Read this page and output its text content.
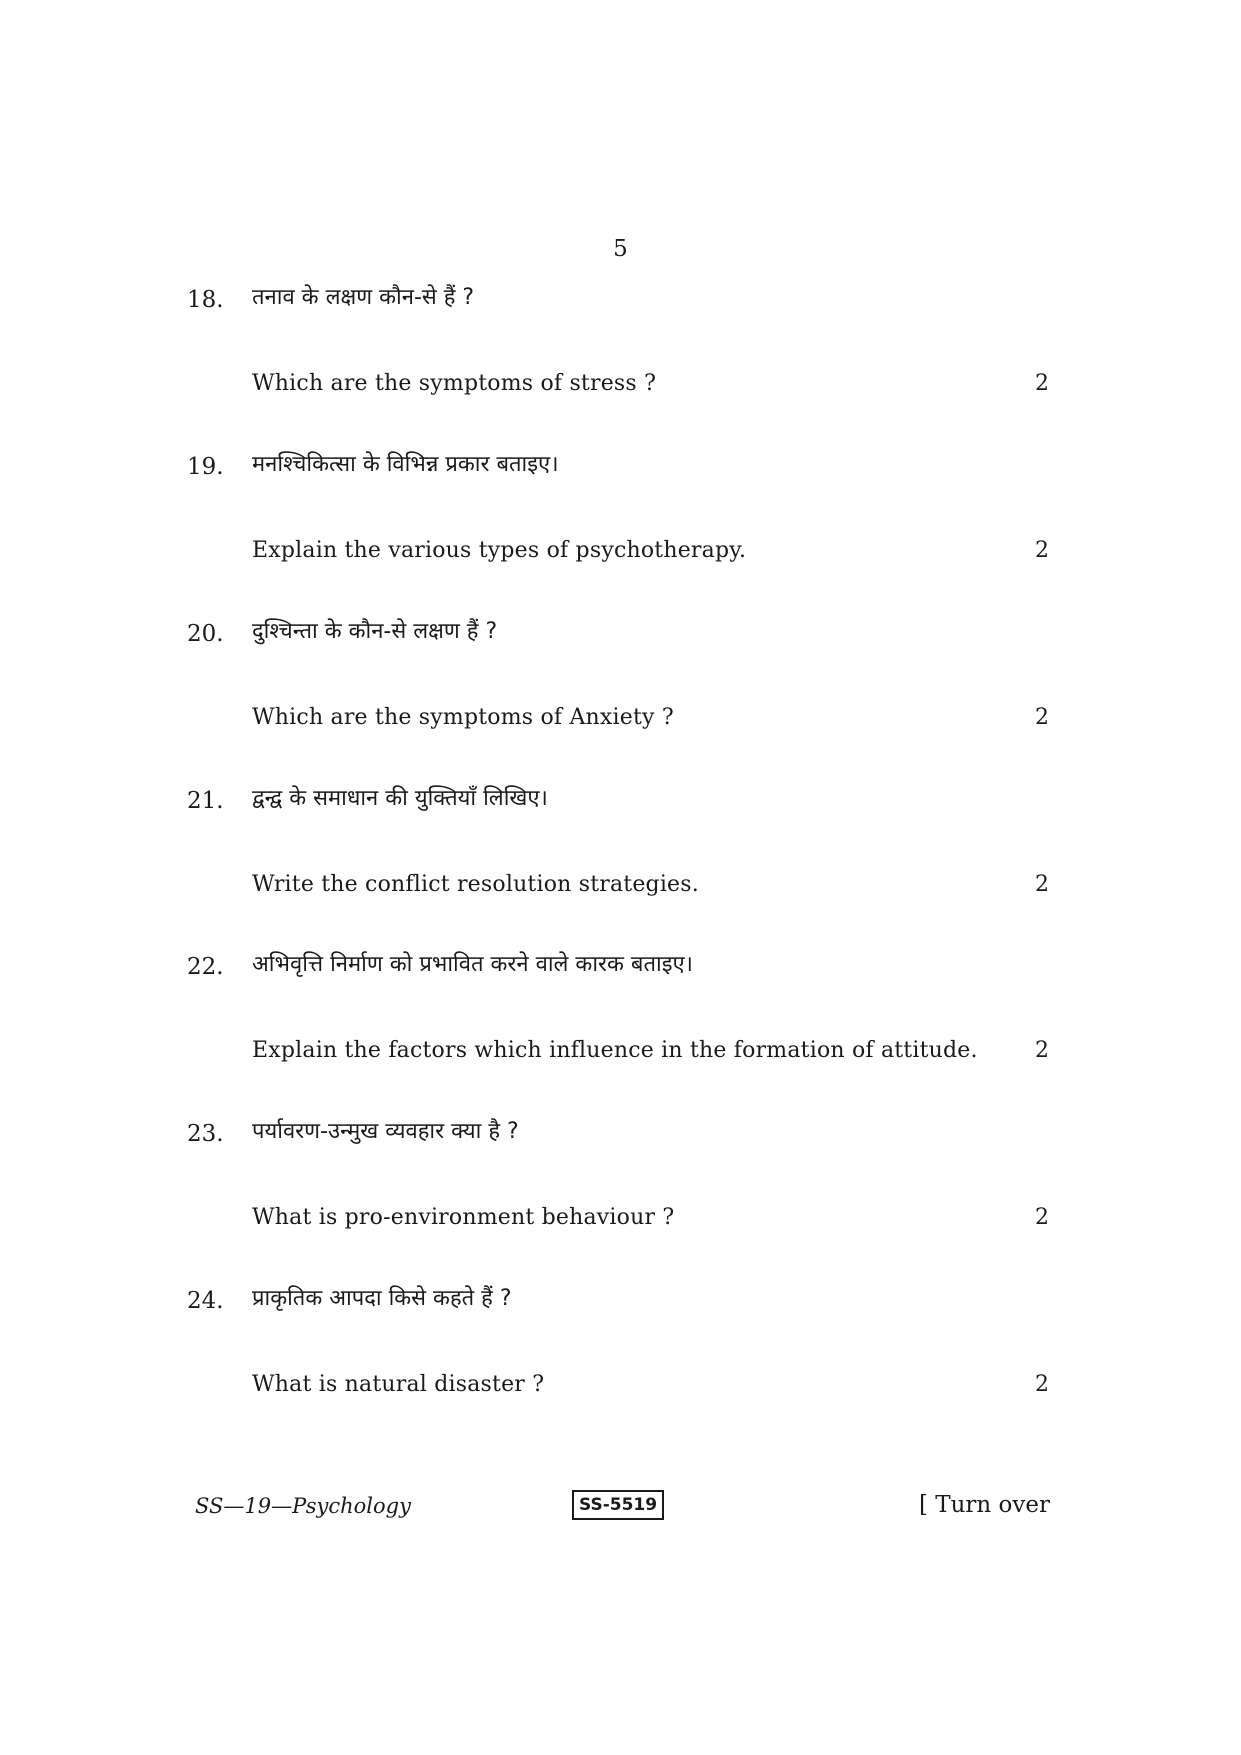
5
18. तनाव के लक्षण कौन-से हैं ?
Which are the symptoms of stress ?	2
19. मनश्चिकित्सा के विभिन्न प्रकार बताइए।
Explain the various types of psychotherapy.	2
20. दुश्चिन्ता के कौन-से लक्षण हैं ?
Which are the symptoms of Anxiety ?	2
21. द्वन्द्व के समाधान की युक्तियाँ लिखिए।
Write the conflict resolution strategies.	2
22. अभिवृत्ति निर्माण को प्रभावित करने वाले कारक बताइए।
Explain the factors which influence in the formation of attitude.	2
23. पर्यावरण-उन्मुख व्यवहार क्या है ?
What is pro-environment behaviour ?	2
24. प्राकृतिक आपदा किसे कहते हैं ?
What is natural disaster ?	2
SS—19—Psychology	SS-5519	[ Turn over
